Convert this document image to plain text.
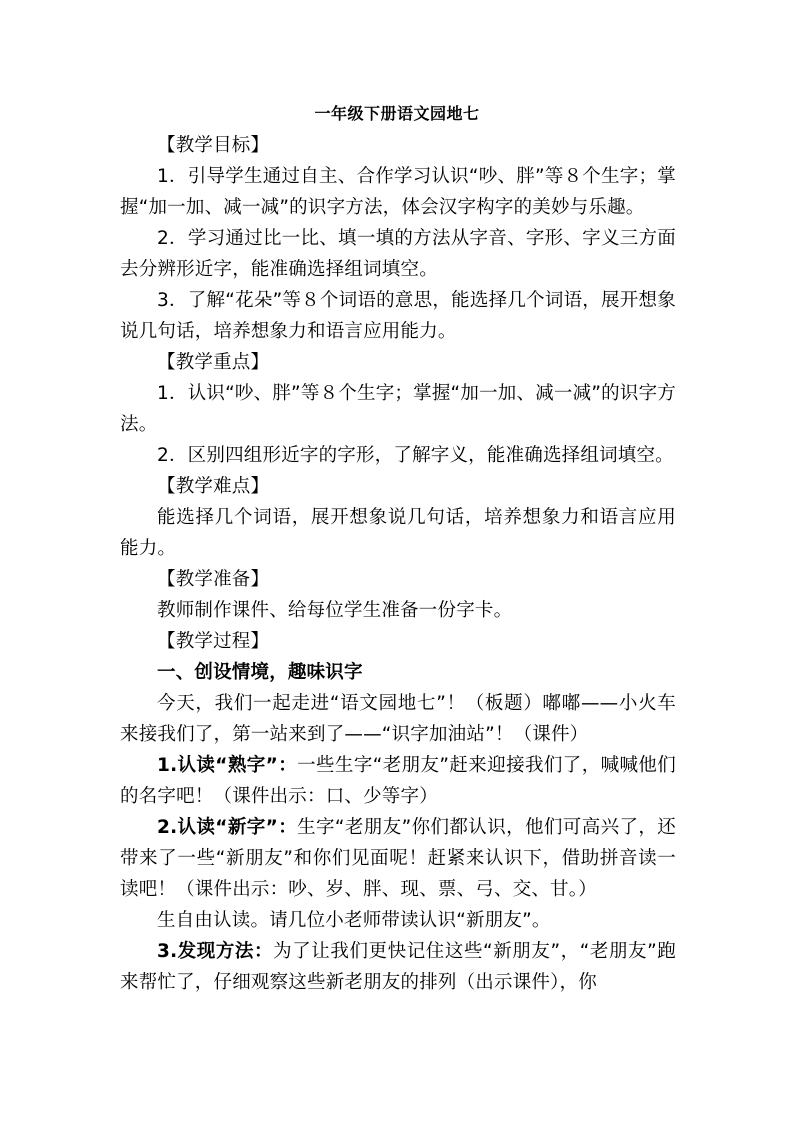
一年级下册语文园地七

【教学目标】

1．引导学生通过自主、合作学习认识“吵、胖”等８个生字；掌握“加一加、减一减”的识字方法，体会汉字构字的美妙与乐趣。

2．学习通过比一比、填一填的方法从字音、字形、字义三方面去分辨形近字，能准确选择组词填空。

3．了解“花朵”等８个词语的意思，能选择几个词语，展开想象说几句话，培养想象力和语言应用能力。

【教学重点】

1．认识“吵、胖”等８个生字；掌握“加一加、减一减”的识字方法。

2．区别四组形近字的字形，了解字义，能准确选择组词填空。

【教学难点】

能选择几个词语，展开想象说几句话，培养想象力和语言应用能力。

【教学准备】

教师制作课件、给每位学生准备一份字卡。

【教学过程】

一、创设情境，趣味识字

今天，我们一起走进“语文园地七”！（板题）嘟嘟——小火车来接我们了，第一站来到了——“识字加油站”！（课件）

1.认读“熟字”：一些生字“老朋友”赶来迎接我们了，喊喊他们的名字吧！（课件出示：口、少等字）

2.认读“新字”：生字“老朋友”你们都认识，他们可高兴了，还带来了一些“新朋友”和你们见面呢！赶紧来认识下，借助拼音读一读吧！（课件出示：吵、岁、胖、现、票、弓、交、甘。）

生自由认读。请几位小老师带读认识“新朋友”。

3.发现方法：为了让我们更快记住这些“新朋友”，“老朋友”跑来帮忙了，仔细观察这些新老朋友的排列（出示课件），你
